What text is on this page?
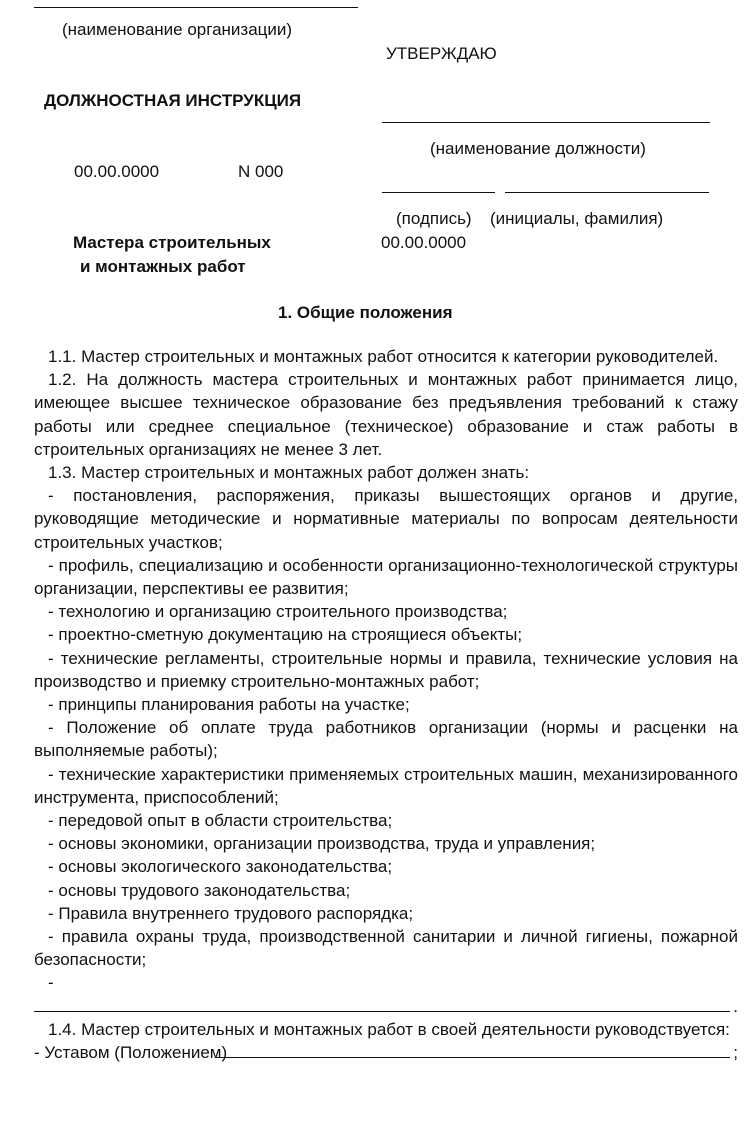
(наименование организации)
УТВЕРЖДАЮ
ДОЛЖНОСТНАЯ ИНСТРУКЦИЯ
(наименование должности)
00.00.0000	N 000
(подпись) (инициалы, фамилия)
Мастера строительных	00.00.0000
и монтажных работ
1. Общие положения

1.1. Мастер строительных и монтажных работ относится к категории руководителей.

1.2. На должность мастера строительных и монтажных работ принимается лицо, имеющее высшее техническое образование без предъявления требований к стажу работы или среднее специальное (техническое) образование и стаж работы в строительных организациях не менее 3 лет.

1.3. Мастер строительных и монтажных работ должен знать:

- постановления, распоряжения, приказы вышестоящих органов и другие, руководящие методические и нормативные материалы по вопросам деятельности строительных участков;

- профиль, специализацию и особенности организационно-технологической структуры организации, перспективы ее развития;

- технологию и организацию строительного производства;

- проектно-сметную документацию на строящиеся объекты;

- технические регламенты, строительные нормы и правила, технические условия на производство и приемку строительно-монтажных работ;

- принципы планирования работы на участке;

- Положение об оплате труда работников организации (нормы и расценки на выполняемые работы);

- технические характеристики применяемых строительных машин, механизированного инструмента, приспособлений;

- передовой опыт в области строительства;

- основы экономики, организации производства, труда и управления;

- основы экологического законодательства;

- основы трудового законодательства;

- Правила внутреннего трудового распорядка;

- правила охраны труда, производственной санитарии и личной гигиены, пожарной безопасности;

-

.

1.4. Мастер строительных и монтажных работ в своей деятельности руководствуется:

- Уставом (Положением)	;
